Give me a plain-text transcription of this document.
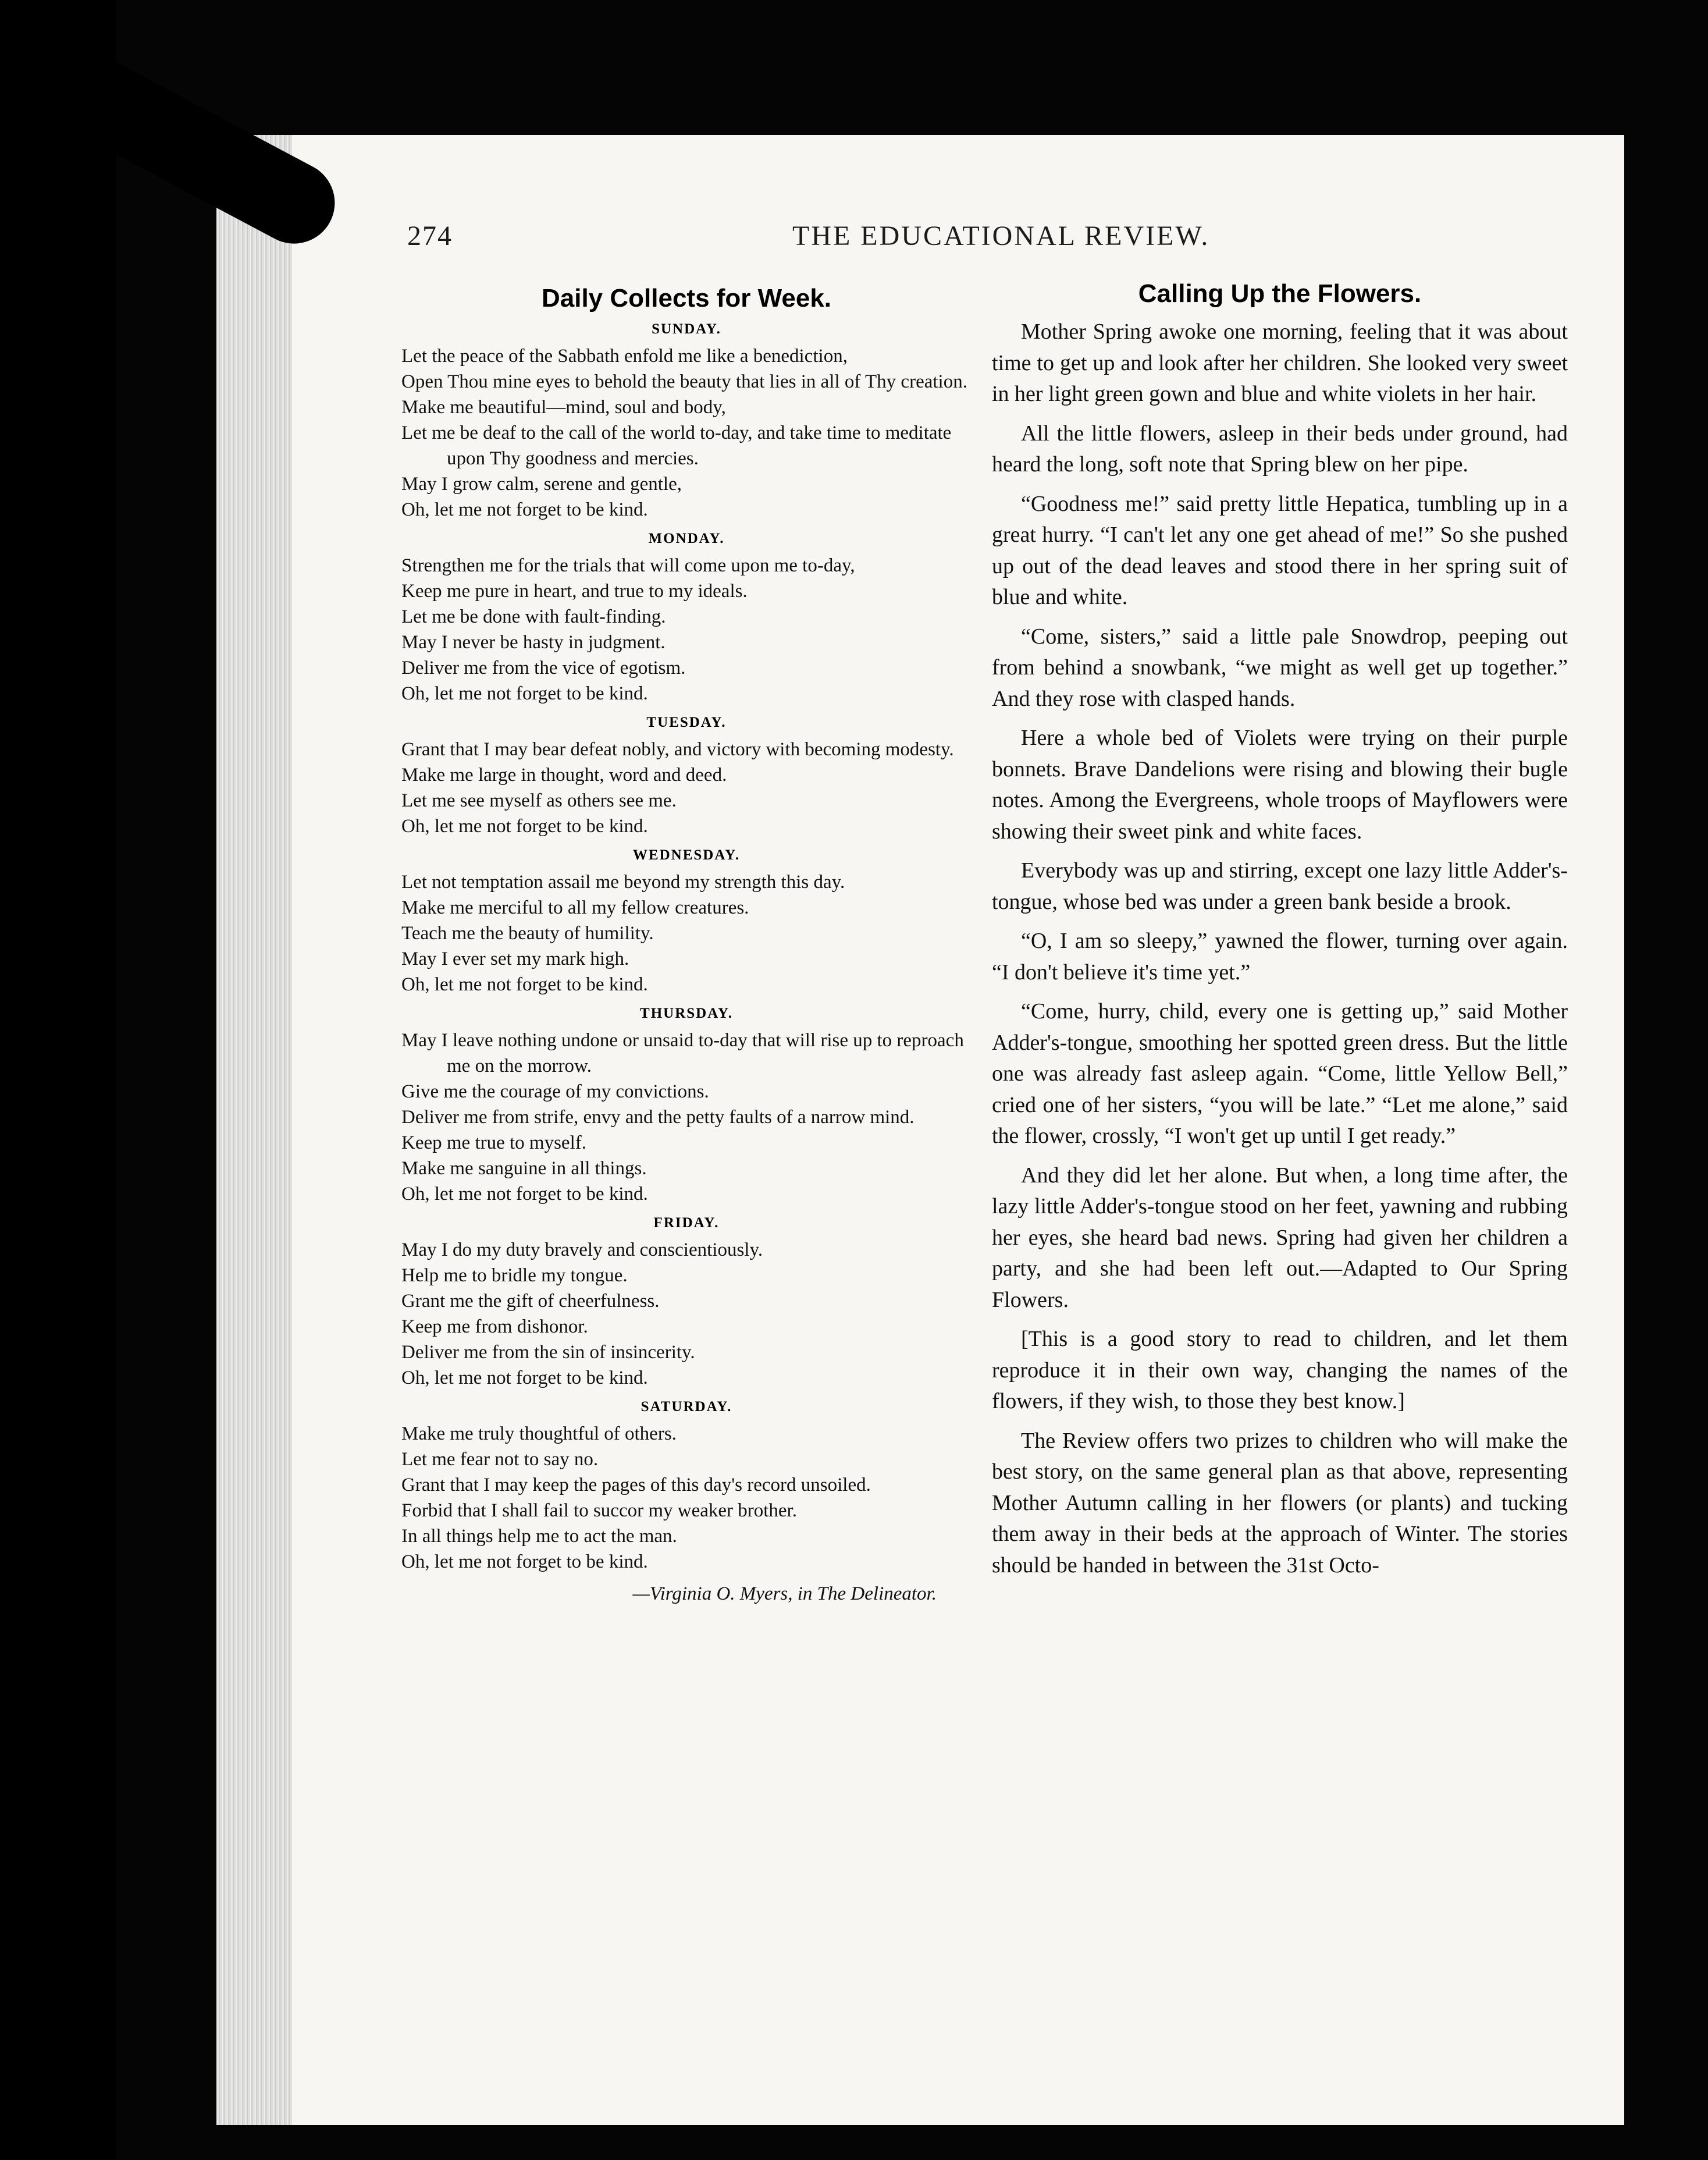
274	THE EDUCATIONAL REVIEW.
Daily Collects for Week.
SUNDAY.

Let the peace of the Sabbath enfold me like a benediction,

Open Thou mine eyes to behold the beauty that lies in all of Thy creation.

Make me beautiful—mind, soul and body,

Let me be deaf to the call of the world to-day, and take time to meditate upon Thy goodness and mercies.

May I grow calm, serene and gentle,

Oh, let me not forget to be kind.

MONDAY.

Strengthen me for the trials that will come upon me to-day,

Keep me pure in heart, and true to my ideals.

Let me be done with fault-finding.

May I never be hasty in judgment.

Deliver me from the vice of egotism.

Oh, let me not forget to be kind.

TUESDAY.

Grant that I may bear defeat nobly, and victory with becoming modesty.

Make me large in thought, word and deed.

Let me see myself as others see me.

Oh, let me not forget to be kind.

WEDNESDAY.

Let not temptation assail me beyond my strength this day.

Make me merciful to all my fellow creatures.

Teach me the beauty of humility.

May I ever set my mark high.

Oh, let me not forget to be kind.

THURSDAY.

May I leave nothing undone or unsaid to-day that will rise up to reproach me on the morrow.

Give me the courage of my convictions.

Deliver me from strife, envy and the petty faults of a narrow mind.

Keep me true to myself.

Make me sanguine in all things.

Oh, let me not forget to be kind.

FRIDAY.

May I do my duty bravely and conscientiously.

Help me to bridle my tongue.

Grant me the gift of cheerfulness.

Keep me from dishonor.

Deliver me from the sin of insincerity.

Oh, let me not forget to be kind.

SATURDAY.

Make me truly thoughtful of others.

Let me fear not to say no.

Grant that I may keep the pages of this day's record unsoiled.

Forbid that I shall fail to succor my weaker brother.

In all things help me to act the man.

Oh, let me not forget to be kind.

—Virginia O. Myers, in The Delineator.
Calling Up the Flowers.

Mother Spring awoke one morning, feeling that it was about time to get up and look after her children. She looked very sweet in her light green gown and blue and white violets in her hair.

All the little flowers, asleep in their beds under ground, had heard the long, soft note that Spring blew on her pipe.

“Goodness me!” said pretty little Hepatica, tumbling up in a great hurry. “I can't let any one get ahead of me!” So she pushed up out of the dead leaves and stood there in her spring suit of blue and white.

“Come, sisters,” said a little pale Snowdrop, peeping out from behind a snowbank, “we might as well get up together.” And they rose with clasped hands.

Here a whole bed of Violets were trying on their purple bonnets. Brave Dandelions were rising and blowing their bugle notes. Among the Evergreens, whole troops of Mayflowers were showing their sweet pink and white faces.

Everybody was up and stirring, except one lazy little Adder's-tongue, whose bed was under a green bank beside a brook.

“O, I am so sleepy,” yawned the flower, turning over again. “I don't believe it's time yet.”

“Come, hurry, child, every one is getting up,” said Mother Adder's-tongue, smoothing her spotted green dress. But the little one was already fast asleep again. “Come, little Yellow Bell,” cried one of her sisters, “you will be late.” “Let me alone,” said the flower, crossly, “I won't get up until I get ready.”

And they did let her alone. But when, a long time after, the lazy little Adder's-tongue stood on her feet, yawning and rubbing her eyes, she heard bad news. Spring had given her children a party, and she had been left out.—Adapted to Our Spring Flowers.

[This is a good story to read to children, and let them reproduce it in their own way, changing the names of the flowers, if they wish, to those they best know.]

The Review offers two prizes to children who will make the best story, on the same general plan as that above, representing Mother Autumn calling in her flowers (or plants) and tucking them away in their beds at the approach of Winter. The stories should be handed in between the 31st Octo-
